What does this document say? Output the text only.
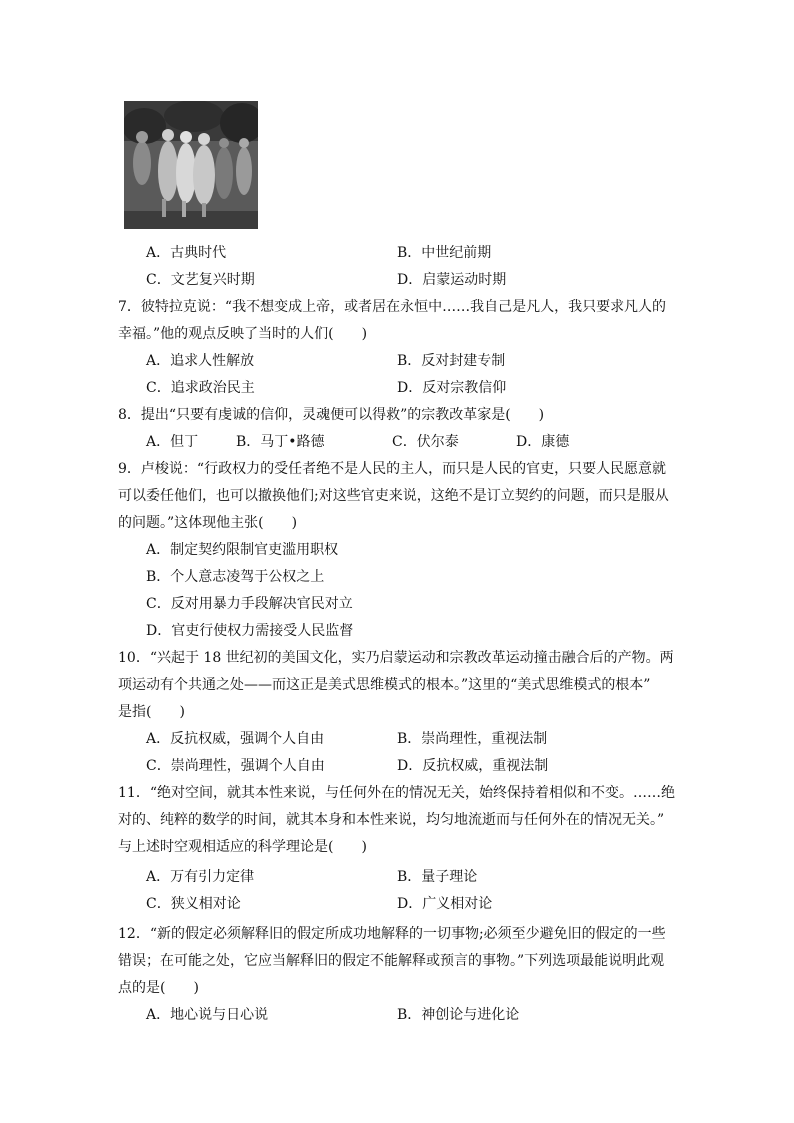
A．古典时代	B．中世纪前期
C．文艺复兴时期	D．启蒙运动时期
7．彼特拉克说：“我不想变成上帝，或者居在永恒中……我自己是凡人，我只要求凡人的
幸福。”他的观点反映了当时的人们(　　)
A．追求人性解放	B．反对封建专制
C．追求政治民主	D．反对宗教信仰
8．提出“只要有虔诚的信仰，灵魂便可以得救”的宗教改革家是(　　)
A．但丁	B．马丁•路德	C．伏尔泰	D．康德
9．卢梭说：“行政权力的受任者绝不是人民的主人，而只是人民的官吏，只要人民愿意就
可以委任他们，也可以撤换他们;对这些官吏来说，这绝不是订立契约的问题，而只是服从
的问题。”这体现他主张(　　)
A．制定契约限制官吏滥用职权
B．个人意志凌驾于公权之上
C．反对用暴力手段解决官民对立
D．官吏行使权力需接受人民监督
10．“兴起于 18 世纪初的美国文化，实乃启蒙运动和宗教改革运动撞击融合后的产物。两
项运动有个共通之处——而这正是美式思维模式的根本。”这里的“美式思维模式的根本”
是指(　　)
A．反抗权威，强调个人自由	B．崇尚理性，重视法制
C．崇尚理性，强调个人自由	D．反抗权威，重视法制
11．“绝对空间，就其本性来说，与任何外在的情况无关，始终保持着相似和不变。……绝
对的、纯粹的数学的时间，就其本身和本性来说，均匀地流逝而与任何外在的情况无关。”
与上述时空观相适应的科学理论是(　　)
A．万有引力定律	B．量子理论
C．狭义相对论	D．广义相对论
12．“新的假定必须解释旧的假定所成功地解释的一切事物;必须至少避免旧的假定的一些
错误；在可能之处，它应当解释旧的假定不能解释或预言的事物。”下列选项最能说明此观
点的是(　　)
A．地心说与日心说	B．神创论与进化论
